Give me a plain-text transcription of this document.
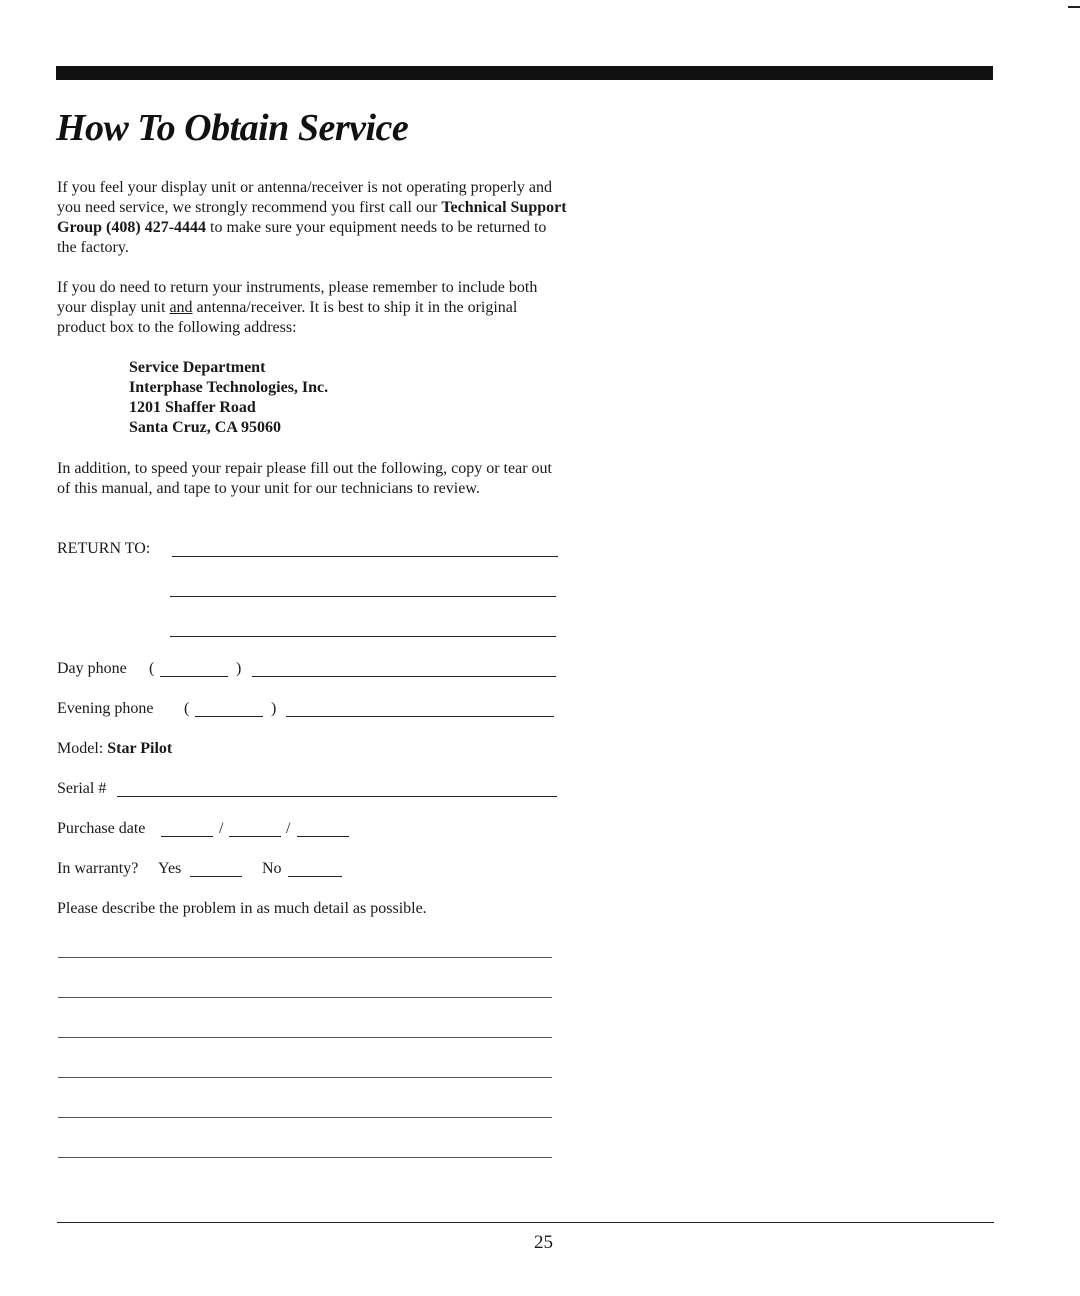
How To Obtain Service

If you feel your display unit or antenna/receiver is not operating properly and you need service, we strongly recommend you first call our Technical Support Group (408) 427-4444 to make sure your equipment needs to be returned to the factory.

If you do need to return your instruments, please remember to include both your display unit and antenna/receiver. It is best to ship it in the original product box to the following address:

Service Department
Interphase Technologies, Inc.
1201 Shaffer Road
Santa Cruz, CA 95060

In addition, to speed your repair please fill out the following, copy or tear out of this manual, and tape to your unit for our technicians to review.

RETURN TO:
Day phone (	)
Evening phone (	)
Model: Star Pilot
Serial #
Purchase date	/	/
In warranty? Yes	No
Please describe the problem in as much detail as possible.
25
